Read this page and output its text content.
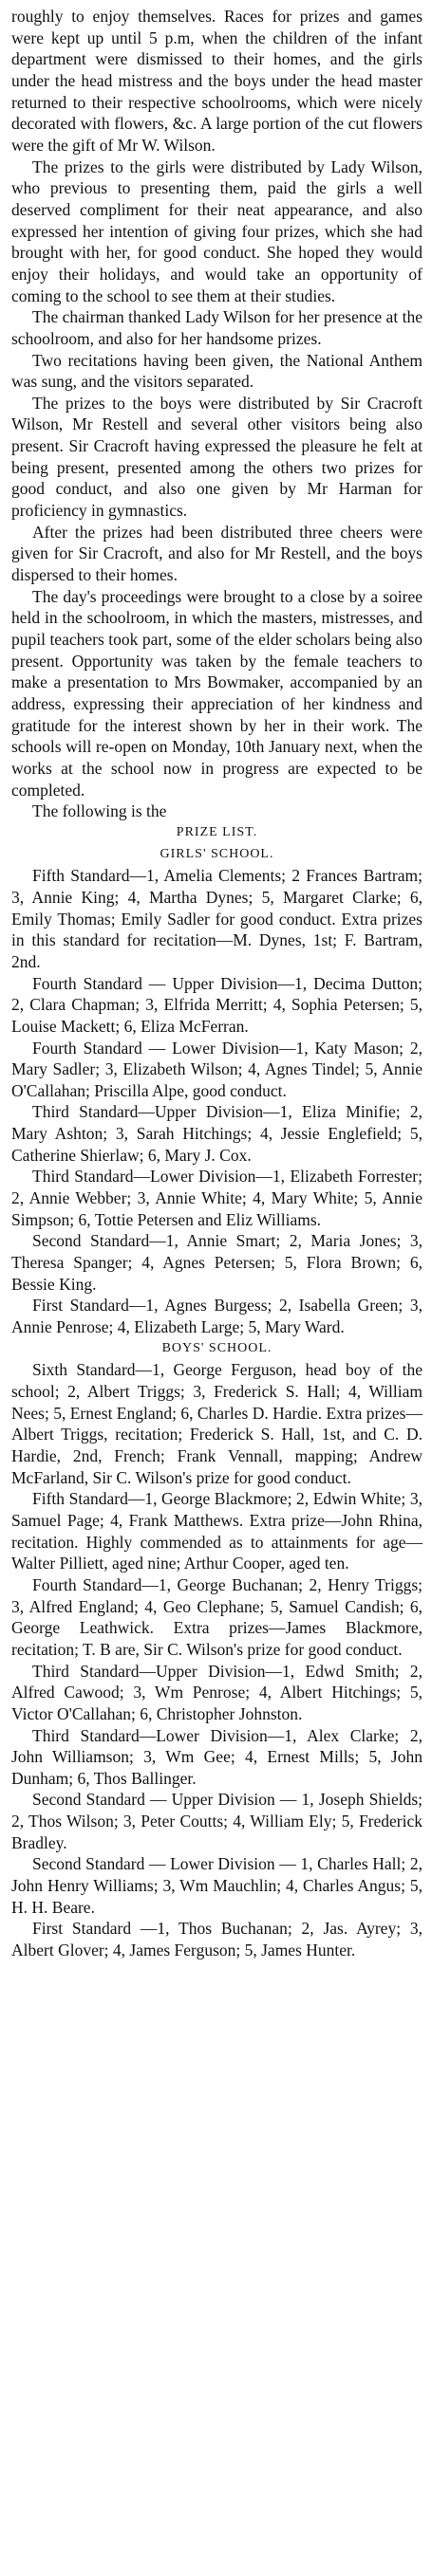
roughly to enjoy themselves. Races for prizes and games were kept up until 5 p.m, when the children of the infant department were dismissed to their homes, and the girls under the head mistress and the boys under the head master returned to their respective schoolrooms, which were nicely decorated with flowers, &c. A large portion of the cut flowers were the gift of Mr W. Wilson.

The prizes to the girls were distributed by Lady Wilson, who previous to presenting them, paid the girls a well deserved compliment for their neat appearance, and also expressed her intention of giving four prizes, which she had brought with her, for good conduct. She hoped they would enjoy their holidays, and would take an opportunity of coming to the school to see them at their studies.

The chairman thanked Lady Wilson for her presence at the schoolroom, and also for her handsome prizes.

Two recitations having been given, the National Anthem was sung, and the visitors separated.

The prizes to the boys were distributed by Sir Cracroft Wilson, Mr Restell and several other visitors being also present. Sir Cracroft having expressed the pleasure he felt at being present, presented among the others two prizes for good conduct, and also one given by Mr Harman for proficiency in gymnastics.

After the prizes had been distributed three cheers were given for Sir Cracroft, and also for Mr Restell, and the boys dispersed to their homes.

The day's proceedings were brought to a close by a soiree held in the schoolroom, in which the masters, mistresses, and pupil teachers took part, some of the elder scholars being also present. Opportunity was taken by the female teachers to make a presentation to Mrs Bowmaker, accompanied by an address, expressing their appreciation of her kindness and gratitude for the interest shown by her in their work. The schools will re-open on Monday, 10th January next, when the works at the school now in progress are expected to be completed.

The following is the

PRIZE LIST.

GIRLS' SCHOOL.

Fifth Standard—1, Amelia Clements; 2 Frances Bartram; 3, Annie King; 4, Martha Dynes; 5, Margaret Clarke; 6, Emily Thomas; Emily Sadler for good conduct. Extra prizes in this standard for recitation—M. Dynes, 1st; F. Bartram, 2nd.

Fourth Standard — Upper Division—1, Decima Dutton; 2, Clara Chapman; 3, Elfrida Merritt; 4, Sophia Petersen; 5, Louise Mackett; 6, Eliza McFerran.

Fourth Standard — Lower Division—1, Katy Mason; 2, Mary Sadler; 3, Elizabeth Wilson; 4, Agnes Tindel; 5, Annie O'Callahan; Priscilla Alpe, good conduct.

Third Standard—Upper Division—1, Eliza Minifie; 2, Mary Ashton; 3, Sarah Hitchings; 4, Jessie Englefield; 5, Catherine Shierlaw; 6, Mary J. Cox.

Third Standard—Lower Division—1, Elizabeth Forrester; 2, Annie Webber; 3, Annie White; 4, Mary White; 5, Annie Simpson; 6, Tottie Petersen and Eliz Williams.

Second Standard—1, Annie Smart; 2, Maria Jones; 3, Theresa Spanger; 4, Agnes Petersen; 5, Flora Brown; 6, Bessie King.

First Standard—1, Agnes Burgess; 2, Isabella Green; 3, Annie Penrose; 4, Elizabeth Large; 5, Mary Ward.

BOYS' SCHOOL.

Sixth Standard—1, George Ferguson, head boy of the school; 2, Albert Triggs; 3, Frederick S. Hall; 4, William Nees; 5, Ernest England; 6, Charles D. Hardie. Extra prizes—Albert Triggs, recitation; Frederick S. Hall, 1st, and C. D. Hardie, 2nd, French; Frank Vennall, mapping; Andrew McFarland, Sir C. Wilson's prize for good conduct.

Fifth Standard—1, George Blackmore; 2, Edwin White; 3, Samuel Page; 4, Frank Matthews. Extra prize—John Rhina, recitation. Highly commended as to attainments for age—Walter Pilliett, aged nine; Arthur Cooper, aged ten.

Fourth Standard—1, George Buchanan; 2, Henry Triggs; 3, Alfred England; 4, Geo Clephane; 5, Samuel Candish; 6, George Leathwick. Extra prizes—James Blackmore, recitation; T. B are, Sir C. Wilson's prize for good conduct.

Third Standard—Upper Division—1, Edwd Smith; 2, Alfred Cawood; 3, Wm Penrose; 4, Albert Hitchings; 5, Victor O'Callahan; 6, Christopher Johnston.

Third Standard—Lower Division—1, Alex Clarke; 2, John Williamson; 3, Wm Gee; 4, Ernest Mills; 5, John Dunham; 6, Thos Ballinger.

Second Standard — Upper Division — 1, Joseph Shields; 2, Thos Wilson; 3, Peter Coutts; 4, William Ely; 5, Frederick Bradley.

Second Standard — Lower Division — 1, Charles Hall; 2, John Henry Williams; 3, Wm Mauchlin; 4, Charles Angus; 5, H. H. Beare.

First Standard —1, Thos Buchanan; 2, Jas. Ayrey; 3, Albert Glover; 4, James Ferguson; 5, James Hunter.
